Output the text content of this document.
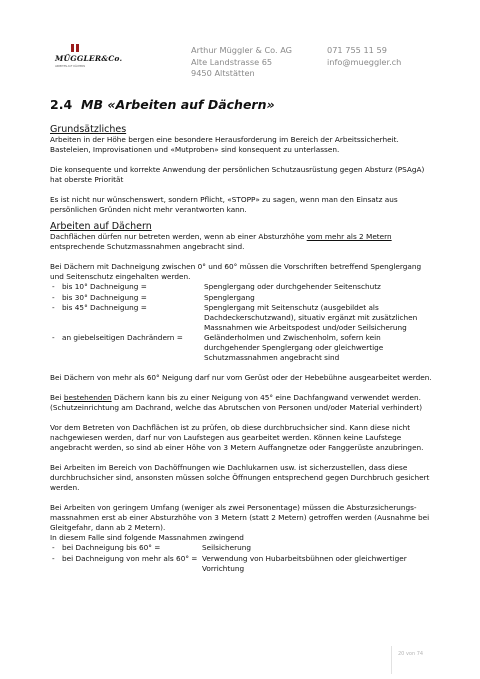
MÜGGLER&Co.
ARBEITEN AUF DÄCHERN
Arthur Müggler & Co. AG
Alte Landstrasse 65
9450 Altstätten
071 755 11 59
info@mueggler.ch
2.4 MB «Arbeiten auf Dächern»
Grundsätzliches

Arbeiten in der Höhe bergen eine besondere Herausforderung im Bereich der Arbeitssicherheit. Basteleien, Improvisationen und «Mutproben» sind konsequent zu unterlassen.

Die konsequente und korrekte Anwendung der persönlichen Schutzausrüstung gegen Absturz (PSAgA) hat oberste Priorität

Es ist nicht nur wünschenswert, sondern Pflicht, «STOPP» zu sagen, wenn man den Einsatz aus persönlichen Gründen nicht mehr verantworten kann.

Arbeiten auf Dächern

Dachflächen dürfen nur betreten werden, wenn ab einer Absturzhöhe vom mehr als 2 Metern entsprechende Schutzmassnahmen angebracht sind.

Bei Dächern mit Dachneigung zwischen 0° und 60° müssen die Vorschriften betreffend Spenglergang und Seitenschutz eingehalten werden.
-	bis 10° Dachneigung =	Spenglergang oder durchgehender Seitenschutz
-	bis 30° Dachneigung =	Spenglergang
-	bis 45° Dachneigung =	Spenglergang mit Seitenschutz (ausgebildet als Dachdeckerschutzwand), situativ ergänzt mit zusätzlichen Massnahmen wie Arbeitspodest und/oder Seilsicherung
-	an giebelseitigen Dachrändern =	Geländerholmen und Zwischenholm, sofern kein durchgehender Spenglergang oder gleichwertige Schutzmassnahmen angebracht sind

Bei Dächern von mehr als 60° Neigung darf nur vom Gerüst oder der Hebebühne ausgearbeitet werden.

Bei bestehenden Dächern kann bis zu einer Neigung von 45° eine Dachfangwand verwendet werden. (Schutzeinrichtung am Dachrand, welche das Abrutschen von Personen und/oder Material verhindert)

Vor dem Betreten von Dachflächen ist zu prüfen, ob diese durchbruchsicher sind. Kann diese nicht nachgewiesen werden, darf nur von Laufstegen aus gearbeitet werden. Können keine Laufstege angebracht werden, so sind ab einer Höhe von 3 Metern Auffangnetze oder Fanggerüste anzubringen.

Bei Arbeiten im Bereich von Dachöffnungen wie Dachlukarnen usw. ist sicherzustellen, dass diese durchbruchsicher sind, ansonsten müssen solche Öffnungen entsprechend gegen Durchbruch gesichert werden.

Bei Arbeiten von geringem Umfang (weniger als zwei Personentage) müssen die Absturzsicherungs-massnahmen erst ab einer Absturzhöhe von 3 Metern (statt 2 Metern) getroffen werden (Ausnahme bei Gleitgefahr, dann ab 2 Metern).
In diesem Falle sind folgende Massnahmen zwingend
-	bei Dachneigung bis 60° =	Seilsicherung
-	bei Dachneigung von mehr als 60° = Verwendung von Hubarbeitsbühnen oder gleichwertiger Vorrichtung
20 von 74
